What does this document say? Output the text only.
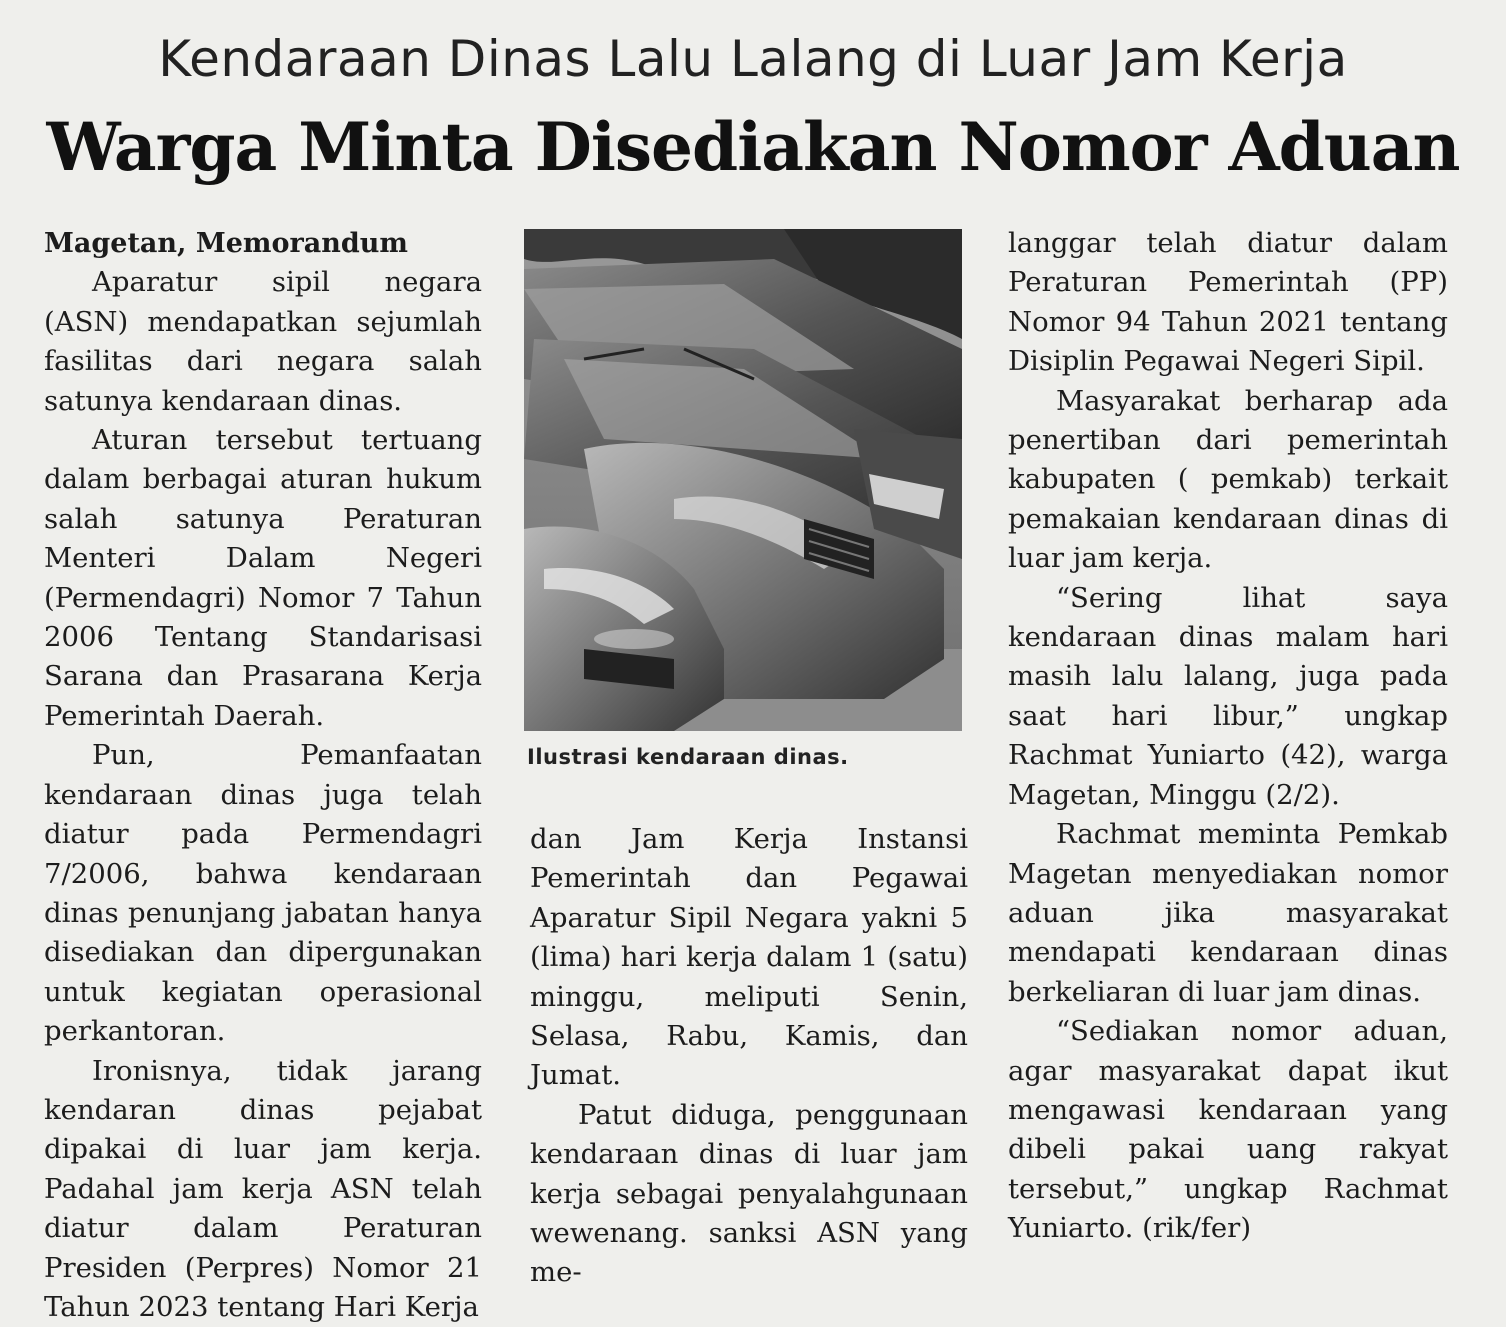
Kendaraan Dinas Lalu Lalang di Luar Jam Kerja
Warga Minta Disediakan Nomor Aduan

Magetan, Memorandum

Aparatur sipil negara (ASN) mendapatkan sejumlah fasilitas dari negara salah satunya kendaraan dinas.

Aturan tersebut tertuang dalam berbagai aturan hukum salah satunya Peraturan Menteri Dalam Negeri (Permendagri) Nomor 7 Tahun 2006 Tentang Standarisasi Sarana dan Prasarana Kerja Pemerintah Daerah.

Pun, Pemanfaatan kendaraan dinas juga telah diatur pada Permendagri 7/2006, bahwa kendaraan dinas penunjang jabatan hanya disediakan dan dipergunakan untuk kegiatan operasional perkantoran.

Ironisnya, tidak jarang kendaran dinas pejabat dipakai di luar jam kerja. Padahal jam kerja ASN telah diatur dalam Peraturan Presiden (Perpres) Nomor 21 Tahun 2023 tentang Hari Kerja

Ilustrasi kendaraan dinas.

dan Jam Kerja Instansi Pemerintah dan Pegawai Aparatur Sipil Negara yakni 5 (lima) hari kerja dalam 1 (satu) minggu, meliputi Senin, Selasa, Rabu, Kamis, dan Jumat.

Patut diduga, penggunaan kendaraan dinas di luar jam kerja sebagai penyalahgunaan wewenang. sanksi ASN yang me-

langgar telah diatur dalam Peraturan Pemerintah (PP) Nomor 94 Tahun 2021 tentang Disiplin Pegawai Negeri Sipil.

Masyarakat berharap ada penertiban dari pemerintah kabupaten ( pemkab) terkait pemakaian kendaraan dinas di luar jam kerja.

“Sering lihat saya kendaraan dinas malam hari masih lalu lalang, juga pada saat hari libur,” ungkap Rachmat Yuniarto (42), warga Magetan, Minggu (2/2).

Rachmat meminta Pemkab Magetan menyediakan nomor aduan jika masyarakat mendapati kendaraan dinas berkeliaran di luar jam dinas.

“Sediakan nomor aduan, agar masyarakat dapat ikut mengawasi kendaraan yang dibeli pakai uang rakyat tersebut,” ungkap Rachmat Yuniarto. (rik/fer)
